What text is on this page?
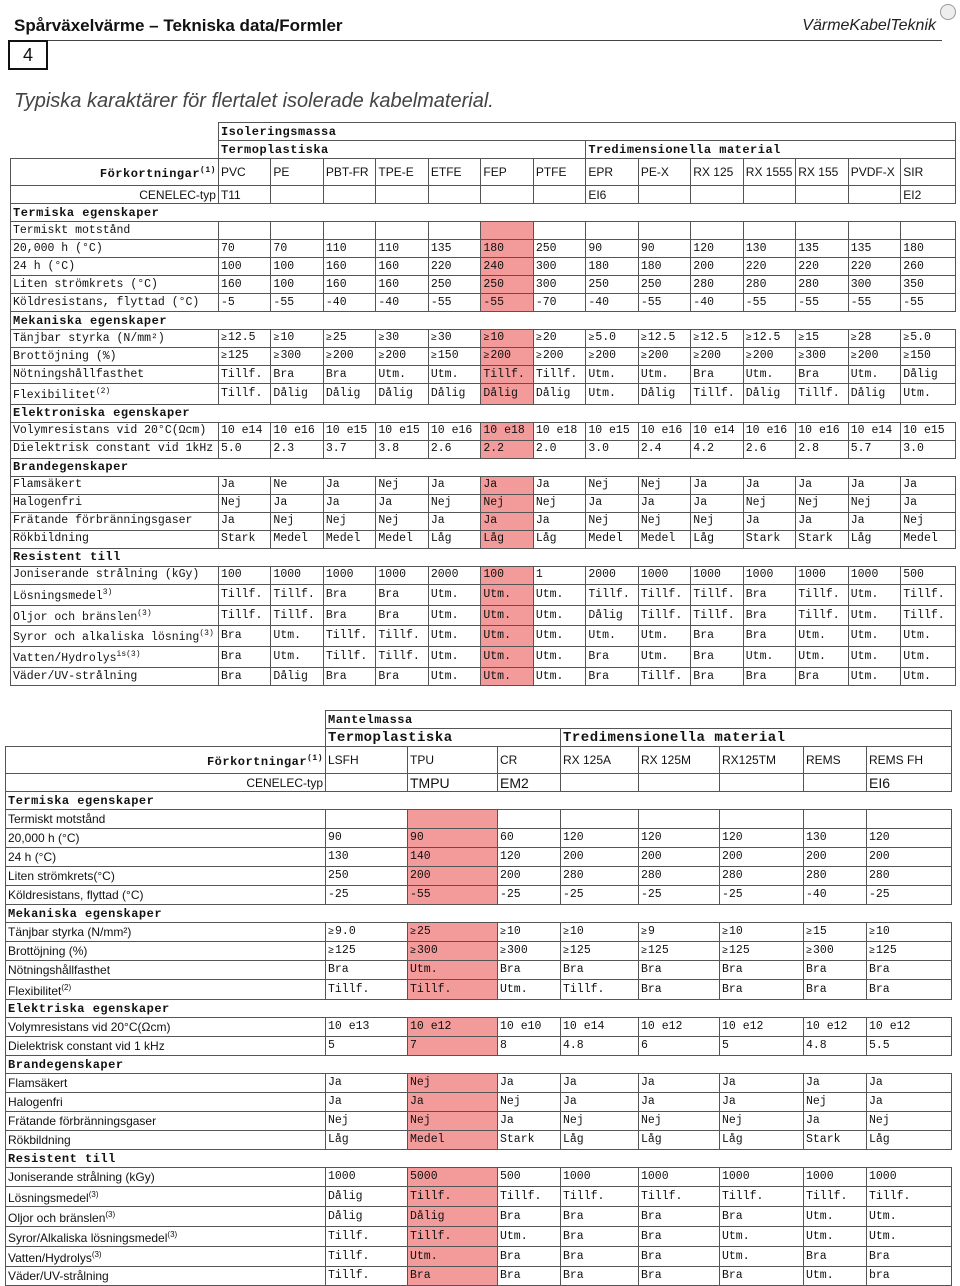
Spårväxelvärme – Tekniska data/Formler	VärmeKabelTeknik
4
Typiska karaktärer för flertalet isolerade kabelmaterial.
	Isoleringsmassa													
	Termoplastiska							Tredimensionella material						
Förkortningar$^{(1)}$	PVC	PE	PBT-FR	TPE-E	ETFE	FEP	PTFE	EPR	PE-X	RX 125	RX 1555	RX 155	PVDF-X	SIR
CENELEC-typ	T11							EI6						EI2
Termiska egenskaper														
Termiskt motstånd														
20,000 h (°C)	70	70	110	110	135	180	250	90	90	120	130	135	135	180
24 h (°C)	100	100	160	160	220	240	300	180	180	200	220	220	220	260
Liten strömkrets (°C)	160	100	160	160	250	250	300	250	250	280	280	280	300	350
Köldresistans, flyttad (°C)	-5	-55	-40	-40	-55	-55	-70	-40	-55	-40	-55	-55	-55	-55
Mekaniska egenskaper														
Tänjbar styrka (N/mm²)	≥12.5	≥10	≥25	≥30	≥30	≥10	≥20	≥5.0	≥12.5	≥12.5	≥12.5	≥15	≥28	≥5.0
Brottöjning (%)	≥125	≥300	≥200	≥200	≥150	≥200	≥200	≥200	≥200	≥200	≥200	≥300	≥200	≥150
Nötningshållfasthet	Tillf.	Bra	Bra	Utm.	Utm.	Tillf.	Tillf.	Utm.	Utm.	Bra	Utm.	Bra	Utm.	Dålig
Flexibilitet$^{(2)}$	Tillf.	Dålig	Dålig	Dålig	Dålig	Dålig	Dålig	Utm.	Dålig	Tillf.	Dålig	Tillf.	Dålig	Utm.
Elektroniska egenskaper														
Volymresistans vid 20°C(Ωcm)	10 e14	10 e16	10 e15	10 e15	10 e16	10 e18	10 e18	10 e15	10 e16	10 e14	10 e16	10 e16	10 e14	10 e15
Dielektrisk constant vid 1kHz	5.0	2.3	3.7	3.8	2.6	2.2	2.0	3.0	2.4	4.2	2.6	2.8	5.7	3.0
Brandegenskaper														
Flamsäkert	Ja	Ne	Ja	Nej	Ja	Ja	Ja	Nej	Nej	Ja	Ja	Ja	Ja	Ja
Halogenfri	Nej	Ja	Ja	Ja	Nej	Nej	Nej	Ja	Ja	Ja	Nej	Nej	Nej	Ja
Frätande förbränningsgaser	Ja	Nej	Nej	Nej	Ja	Ja	Ja	Nej	Nej	Nej	Ja	Ja	Ja	Nej
Rökbildning	Stark	Medel	Medel	Medel	Låg	Låg	Låg	Medel	Medel	Låg	Stark	Stark	Låg	Medel
Resistent till														
Joniserande strålning (kGy)	100	1000	1000	1000	2000	100	1	2000	1000	1000	1000	1000	1000	500
Lösningsmedel$^{3)}$	Tillf.	Tillf.	Bra	Bra	Utm.	Utm.	Utm.	Tillf.	Tillf.	Tillf.	Bra	Tillf.	Utm.	Tillf.
Oljor och bränslen$^{(3)}$	Tillf.	Tillf.	Bra	Bra	Utm.	Utm.	Utm.	Dålig	Tillf.	Tillf.	Bra	Tillf.	Utm.	Tillf.
Syror och alkaliska lösning$^{(3)}$	Bra	Utm.	Tillf.	Tillf.	Utm.	Utm.	Utm.	Utm.	Utm.	Bra	Bra	Utm.	Utm.	Utm.
Vatten/Hydrolys$^{is(3)}$	Bra	Utm.	Tillf.	Tillf.	Utm.	Utm.	Utm.	Bra	Utm.	Bra	Utm.	Utm.	Utm.	Utm.
Väder/UV-strålning	Bra	Dålig	Bra	Bra	Utm.	Utm.	Utm.	Bra	Tillf.	Bra	Bra	Bra	Utm.	Utm.
	Mantelmassa							
	Termoplastiska			Tredimensionella material				
Förkortningar$^{(1)}$	LSFH	TPU	CR	RX 125A	RX 125M	RX125TM	REMS	REMS FH
CENELEC-typ		TMPU	EM2					EI6
Termiska egenskaper								
Termiskt motstånd								
20,000 h (°C)	90	90	60	120	120	120	130	120
24 h (°C)	130	140	120	200	200	200	200	200
Liten strömkrets(°C)	250	200	200	280	280	280	280	280
Köldresistans, flyttad (°C)	-25	-55	-25	-25	-25	-25	-40	-25
Mekaniska egenskaper								
Tänjbar styrka (N/mm²)	≥9.0	≥25	≥10	≥10	≥9	≥10	≥15	≥10
Brottöjning (%)	≥125	≥300	≥300	≥125	≥125	≥125	≥300	≥125
Nötningshållfasthet	Bra	Utm.	Bra	Bra	Bra	Bra	Bra	Bra
Flexibilitet$^{(2)}$	Tillf.	Tillf.	Utm.	Tillf.	Bra	Bra	Bra	Bra
Elektriska egenskaper								
Volymresistans vid 20°C(Ωcm)	10 e13	10 e12	10 e10	10 e14	10 e12	10 e12	10 e12	10 e12
Dielektrisk constant vid 1 kHz	5	7	8	4.8	6	5	4.8	5.5
Brandegenskaper								
Flamsäkert	Ja	Nej	Ja	Ja	Ja	Ja	Ja	Ja
Halogenfri	Ja	Ja	Nej	Ja	Ja	Ja	Nej	Ja
Frätande förbränningsgaser	Nej	Nej	Ja	Nej	Nej	Nej	Ja	Nej
Rökbildning	Låg	Medel	Stark	Låg	Låg	Låg	Stark	Låg
Resistent till								
Joniserande strålning (kGy)	1000	5000	500	1000	1000	1000	1000	1000
Lösningsmedel$^{(3)}$	Dålig	Tillf.	Tillf.	Tillf.	Tillf.	Tillf.	Tillf.	Tillf.
Oljor och bränslen$^{(3)}$	Dålig	Dålig	Bra	Bra	Bra	Bra	Utm.	Utm.
Syror/Alkaliska lösningsmedel$^{(3)}$	Tillf.	Tillf.	Utm.	Bra	Bra	Utm.	Utm.	Utm.
Vatten/Hydrolys$^{(3)}$	Tillf.	Utm.	Bra	Bra	Bra	Utm.	Bra	Bra
Väder/UV-strålning	Tillf.	Bra	Bra	Bra	Bra	Bra	Utm.	bra
